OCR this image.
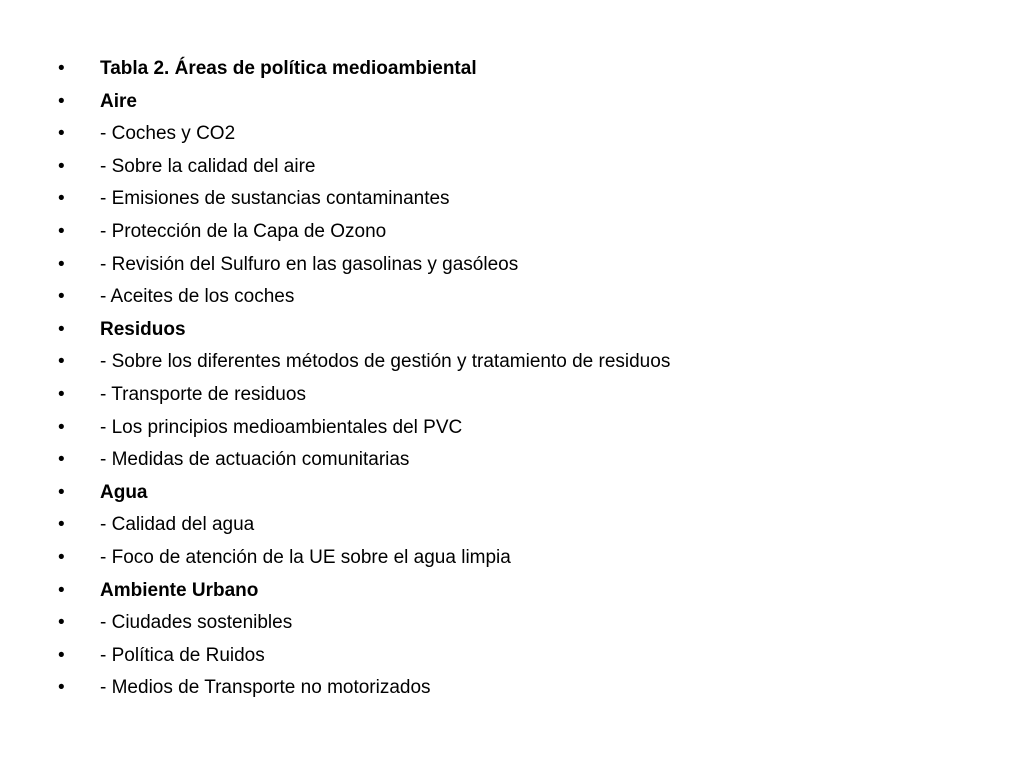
•	Tabla 2. Áreas de política medioambiental
•	Aire
•	- Coches y CO2
•	- Sobre la calidad del aire
•	- Emisiones de sustancias contaminantes
•	- Protección de la Capa de Ozono
•	- Revisión del Sulfuro en las gasolinas y gasóleos
•	- Aceites de los coches
•	Residuos
•	- Sobre los diferentes métodos de gestión y tratamiento de residuos
•	- Transporte de residuos
•	- Los principios medioambientales del PVC
•	- Medidas de actuación comunitarias
•	Agua
•	- Calidad del agua
•	- Foco de atención de la UE sobre el agua limpia
•	Ambiente Urbano
•	- Ciudades sostenibles
•	- Política de Ruidos
•	- Medios de Transporte no motorizados
